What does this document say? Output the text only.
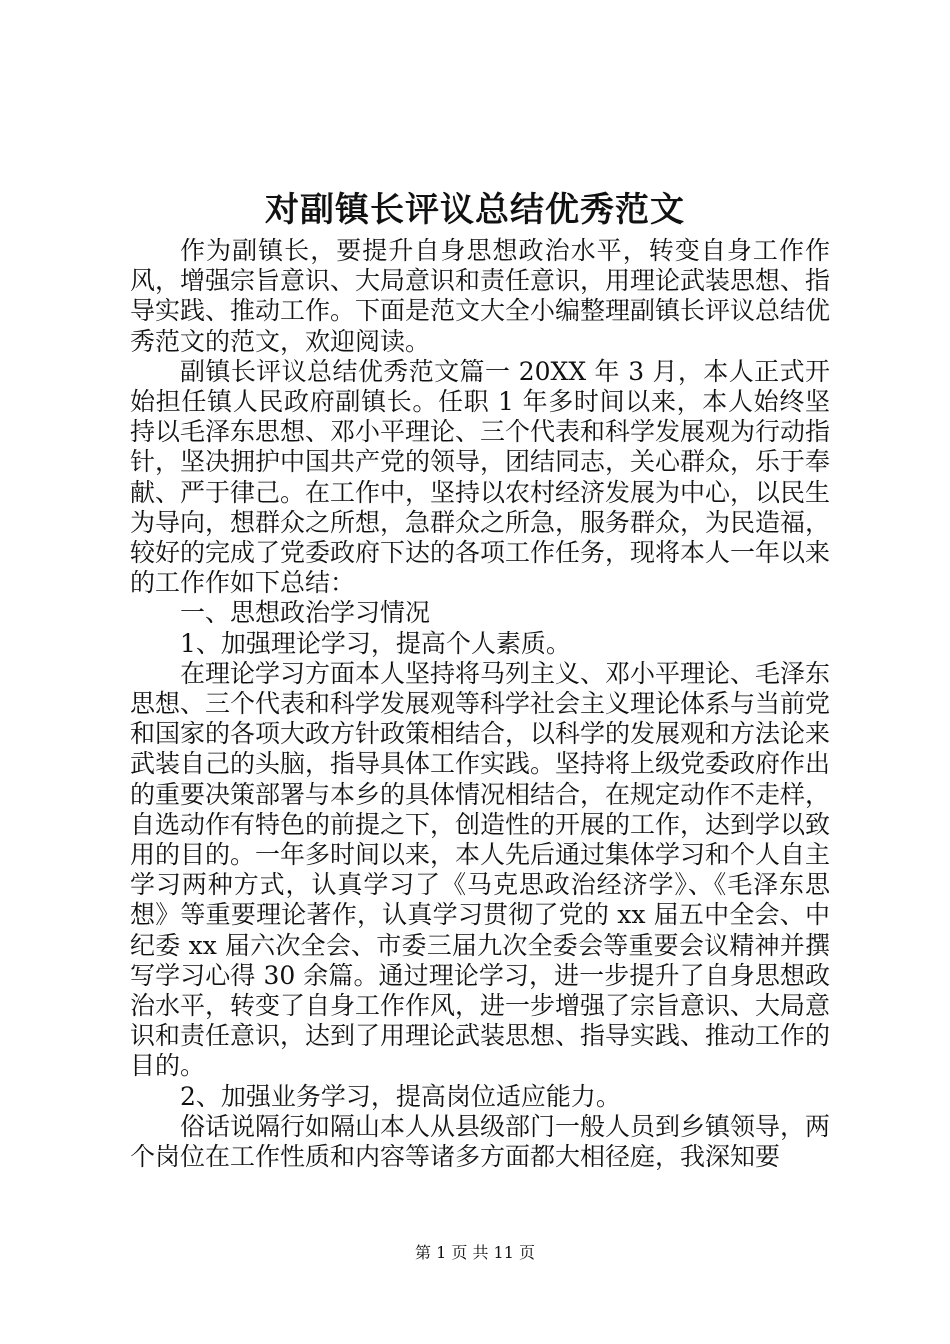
对副镇长评议总结优秀范文

作为副镇长，要提升自身思想政治水平，转变自身工作作风，增强宗旨意识、大局意识和责任意识，用理论武装思想、指导实践、推动工作。下面是范文大全小编整理副镇长评议总结优秀范文的范文，欢迎阅读。

副镇长评议总结优秀范文篇一 20XX 年 3 月，本人正式开始担任镇人民政府副镇长。任职 1 年多时间以来，本人始终坚持以毛泽东思想、邓小平理论、三个代表和科学发展观为行动指针，坚决拥护中国共产党的领导，团结同志，关心群众，乐于奉献、严于律己。在工作中，坚持以农村经济发展为中心，以民生为导向，想群众之所想，急群众之所急，服务群众，为民造福，较好的完成了党委政府下达的各项工作任务，现将本人一年以来的工作作如下总结：

一、思想政治学习情况

1、加强理论学习，提高个人素质。

在理论学习方面本人坚持将马列主义、邓小平理论、毛泽东思想、三个代表和科学发展观等科学社会主义理论体系与当前党和国家的各项大政方针政策相结合，以科学的发展观和方法论来武装自己的头脑，指导具体工作实践。坚持将上级党委政府作出的重要决策部署与本乡的具体情况相结合，在规定动作不走样，自选动作有特色的前提之下，创造性的开展的工作，达到学以致用的目的。一年多时间以来，本人先后通过集体学习和个人自主学习两种方式，认真学习了《马克思政治经济学》、《毛泽东思想》等重要理论著作，认真学习贯彻了党的 xx 届五中全会、中纪委 xx 届六次全会、市委三届九次全委会等重要会议精神并撰写学习心得 30 余篇。通过理论学习，进一步提升了自身思想政治水平，转变了自身工作作风，进一步增强了宗旨意识、大局意识和责任意识，达到了用理论武装思想、指导实践、推动工作的目的。

2、加强业务学习，提高岗位适应能力。

俗话说隔行如隔山本人从县级部门一般人员到乡镇领导，两个岗位在工作性质和内容等诸多方面都大相径庭，我深知要

第 1 页 共 11 页
